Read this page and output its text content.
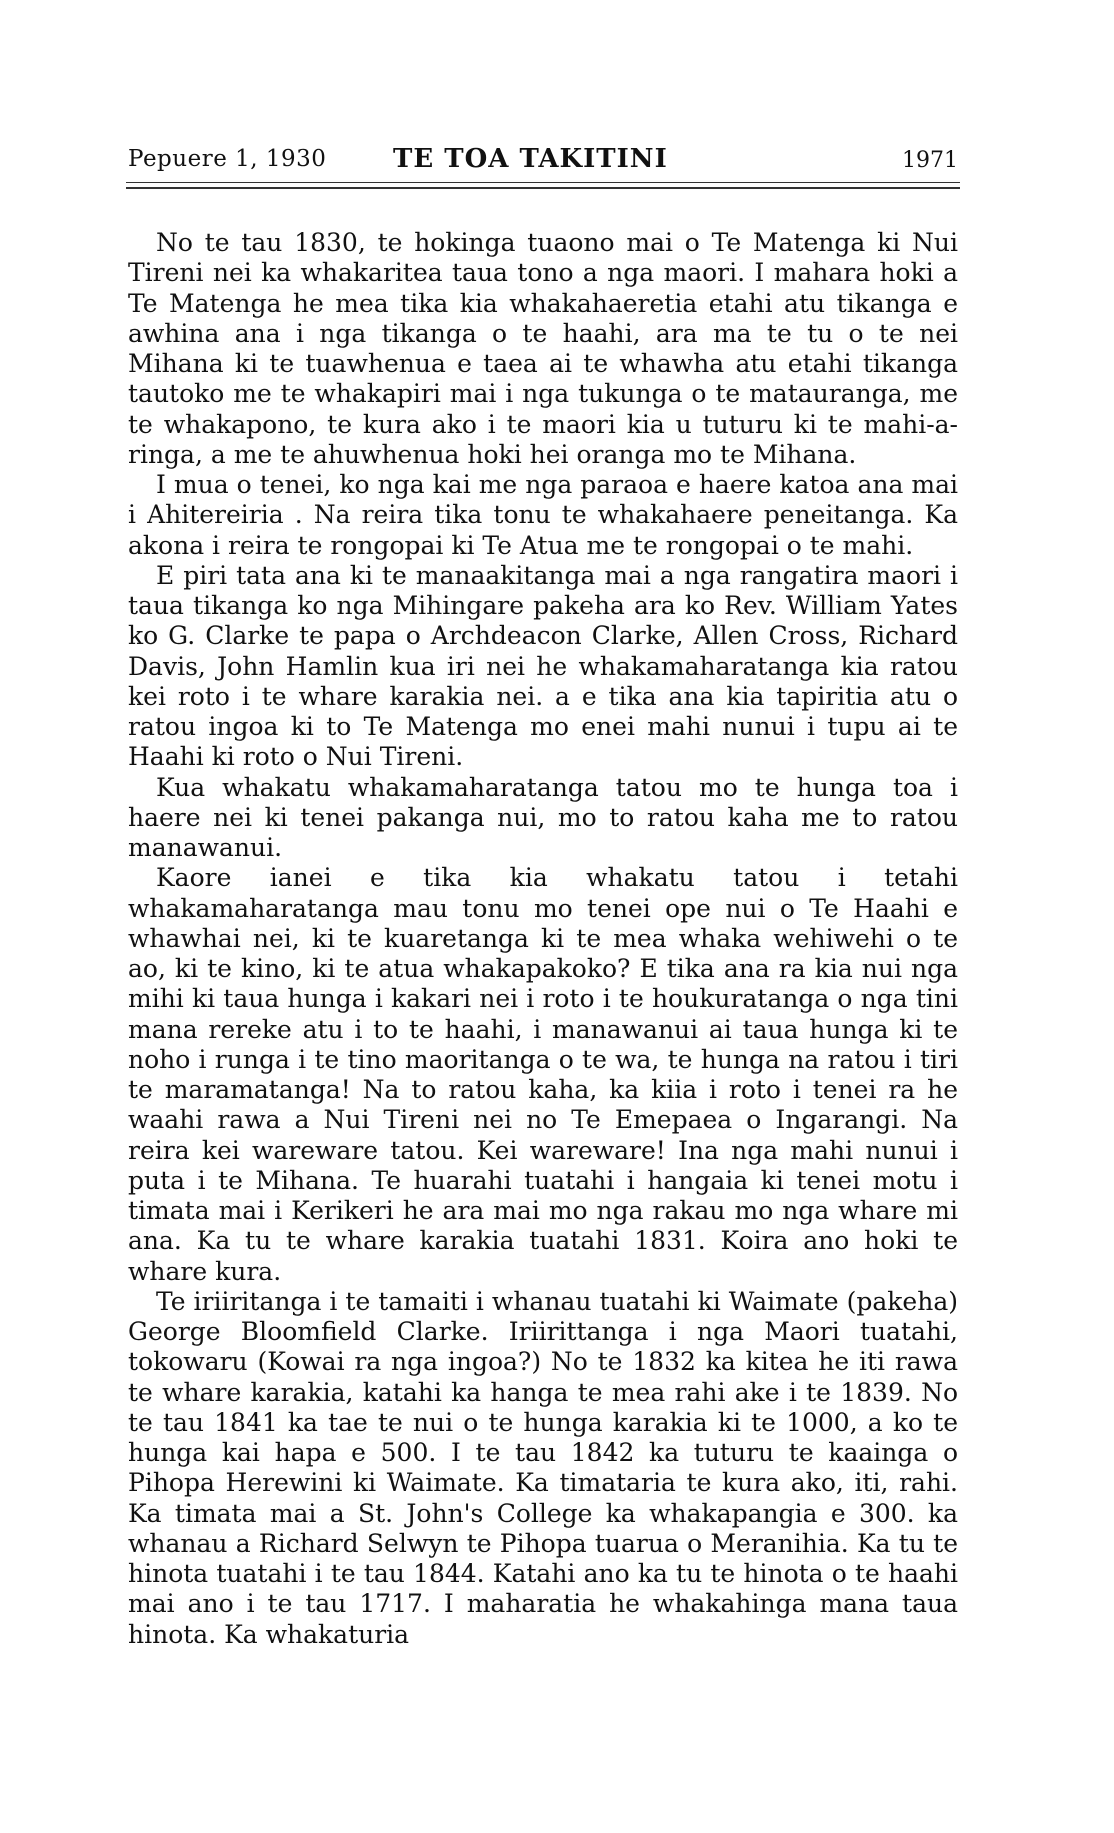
Pepuere 1, 1930	TE TOA TAKITINI	1971

No te tau 1830, te hokinga tuaono mai o Te Matenga ki Nui Tireni nei ka whakaritea taua tono a nga maori. I mahara hoki a Te Matenga he mea tika kia whakahaeretia etahi atu tikanga e awhina ana i nga tikanga o te haahi, ara ma te tu o te nei Mihana ki te tuawhenua e taea ai te whawha atu etahi tikanga tautoko me te whakapiri mai i nga tukunga o te matauranga, me te whakapono, te kura ako i te maori kia u tuturu ki te mahi-a-ringa, a me te ahuwhenua hoki hei oranga mo te Mihana.

I mua o tenei, ko nga kai me nga paraoa e haere katoa ana mai i Ahitereiria . Na reira tika tonu te whakahaere peneitanga. Ka akona i reira te rongopai ki Te Atua me te rongopai o te mahi.

E piri tata ana ki te manaakitanga mai a nga rangatira maori i taua tikanga ko nga Mihingare pakeha ara ko Rev. William Yates ko G. Clarke te papa o Archdeacon Clarke, Allen Cross, Richard Davis, John Hamlin kua iri nei he whakamaharatanga kia ratou kei roto i te whare karakia nei. a e tika ana kia tapiritia atu o ratou ingoa ki to Te Matenga mo enei mahi nunui i tupu ai te Haahi ki roto o Nui Tireni.

Kua whakatu whakamaharatanga tatou mo te hunga toa i haere nei ki tenei pakanga nui, mo to ratou kaha me to ratou manawanui.

Kaore ianei e tika kia whakatu tatou i tetahi whakamaharatanga mau tonu mo tenei ope nui o Te Haahi e whawhai nei, ki te kuaretanga ki te mea whaka wehiwehi o te ao, ki te kino, ki te atua whakapakoko? E tika ana ra kia nui nga mihi ki taua hunga i kakari nei i roto i te houkuratanga o nga tini mana rereke atu i to te haahi, i manawanui ai taua hunga ki te noho i runga i te tino maoritanga o te wa, te hunga na ratou i tiri te maramatanga! Na to ratou kaha, ka kiia i roto i tenei ra he waahi rawa a Nui Tireni nei no Te Emepaea o Ingarangi. Na reira kei wareware tatou. Kei wareware! Ina nga mahi nunui i puta i te Mihana. Te huarahi tuatahi i hangaia ki tenei motu i timata mai i Kerikeri he ara mai mo nga rakau mo nga whare mi ana. Ka tu te whare karakia tuatahi 1831. Koira ano hoki te whare kura.

Te iriiritanga i te tamaiti i whanau tuatahi ki Waimate (pakeha) George Bloomfield Clarke. Iriirittanga i nga Maori tuatahi, tokowaru (Kowai ra nga ingoa?) No te 1832 ka kitea he iti rawa te whare karakia, katahi ka hanga te mea rahi ake i te 1839. No te tau 1841 ka tae te nui o te hunga karakia ki te 1000, a ko te hunga kai hapa e 500. I te tau 1842 ka tuturu te kaainga o Pihopa Herewini ki Waimate. Ka timataria te kura ako, iti, rahi. Ka timata mai a St. John's College ka whakapangia e 300. ka whanau a Richard Selwyn te Pihopa tuarua o Meranihia. Ka tu te hinota tuatahi i te tau 1844. Katahi ano ka tu te hinota o te haahi mai ano i te tau 1717. I maharatia he whakahinga mana taua hinota. Ka whakaturia
